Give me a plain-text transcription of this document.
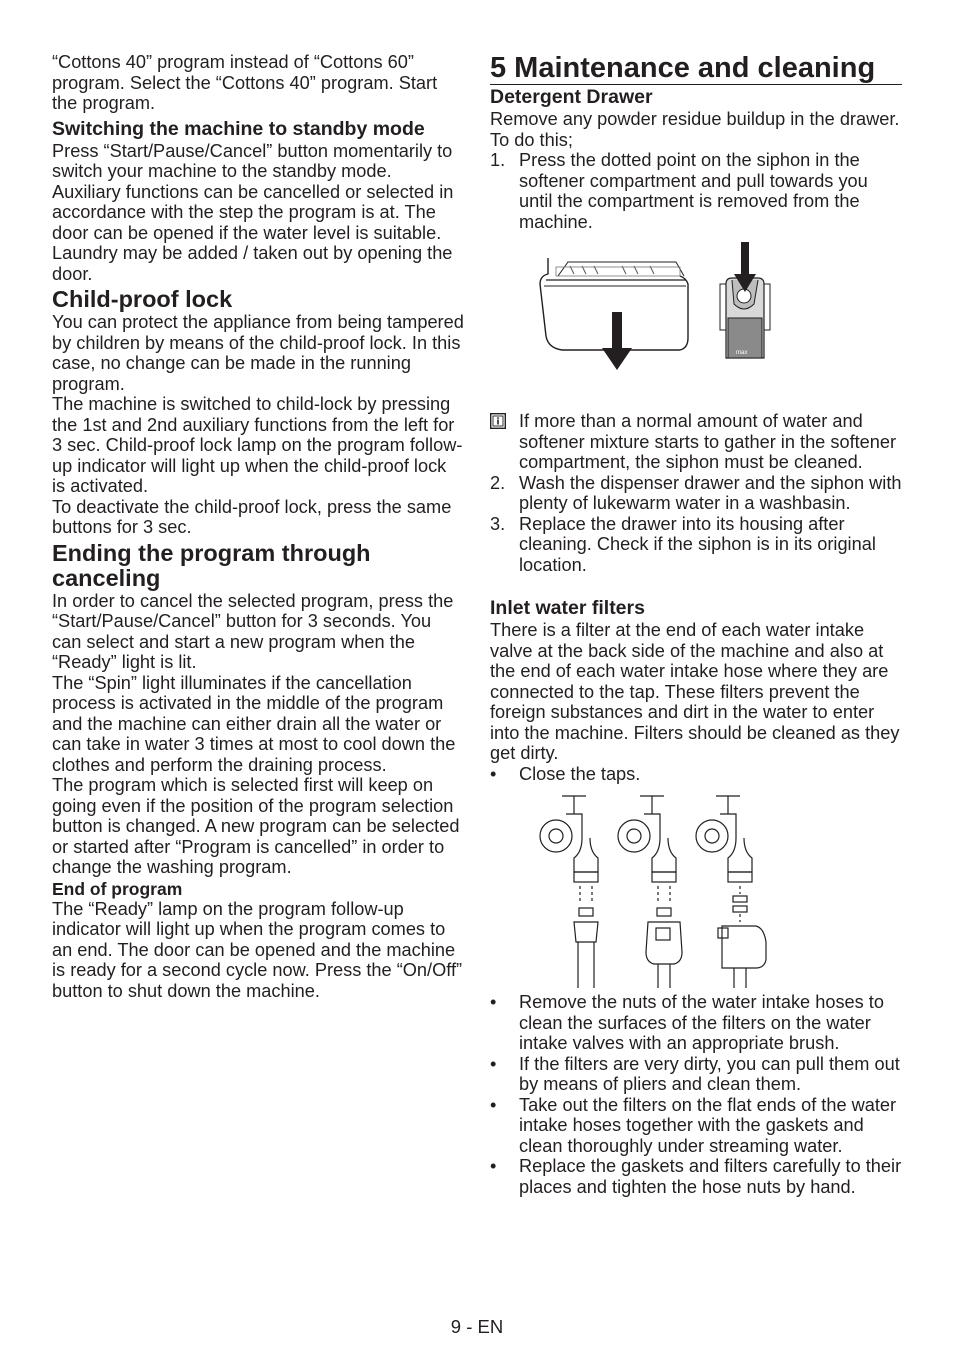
“Cottons 40” program instead of “Cottons 60” program. Select the “Cottons 40” program. Start the program.

Switching the machine to standby mode

Press “Start/Pause/Cancel” button momentarily to switch your machine to the standby mode. Auxiliary functions can be cancelled or selected in accordance with the step the program is at. The door can be opened if the water level is suitable. Laundry may be added / taken out by opening the door.

Child-proof lock

You can protect the appliance from being tampered by children by means of the child-proof lock. In this case, no change can be made in the running program.

The machine is switched to child-lock by pressing the 1st and 2nd auxiliary functions from the left for 3 sec. Child-proof lock lamp on the program follow-up indicator will light up when the child-proof lock is activated.

To deactivate the child-proof lock, press the same buttons for 3 sec.

Ending the program through canceling

In order to cancel the selected program, press the “Start/Pause/Cancel” button for 3 seconds. You can select and start a new program when the “Ready” light is lit.

The “Spin” light illuminates if the cancellation process is activated in the middle of the program and the machine can either drain all the water or can take in water 3 times at most to cool down the clothes and perform the draining process.

The program which is selected first will keep on going even if the position of the program selection button is changed. A new program can be selected or started after “Program is cancelled” in order to change the washing program.

End of program

The “Ready” lamp on the program follow-up indicator will light up when the program comes to an end. The door can be opened and the machine is ready for a second cycle now. Press the “On/Off” button to shut down the machine.

5 Maintenance and cleaning
Detergent Drawer

Remove any powder residue buildup in the drawer. To do this;

1. Press the dotted point on the siphon in the softener compartment and pull towards you until the compartment is removed from the machine.
max
If more than a normal amount of water and softener mixture starts to gather in the softener compartment, the siphon must be cleaned.
2. Wash the dispenser drawer and the siphon with plenty of lukewarm water in a washbasin.
3. Replace the drawer into its housing after cleaning. Check if the siphon is in its original location.
Inlet water filters

There is a filter at the end of each water intake valve at the back side of the machine and also at the end of each water intake hose where they are connected to the tap. These filters prevent the foreign substances and dirt in the water to enter into the machine. Filters should be cleaned as they get dirty.

• Close the taps.
• Remove the nuts of the water intake hoses to clean the surfaces of the filters on the water intake valves with an appropriate brush.
• If the filters are very dirty, you can pull them out by means of pliers and clean them.
• Take out the filters on the flat ends of the water intake hoses together with the gaskets and clean thoroughly under streaming water.
• Replace the gaskets and filters carefully to their places and tighten the hose nuts by hand.
9 - EN
